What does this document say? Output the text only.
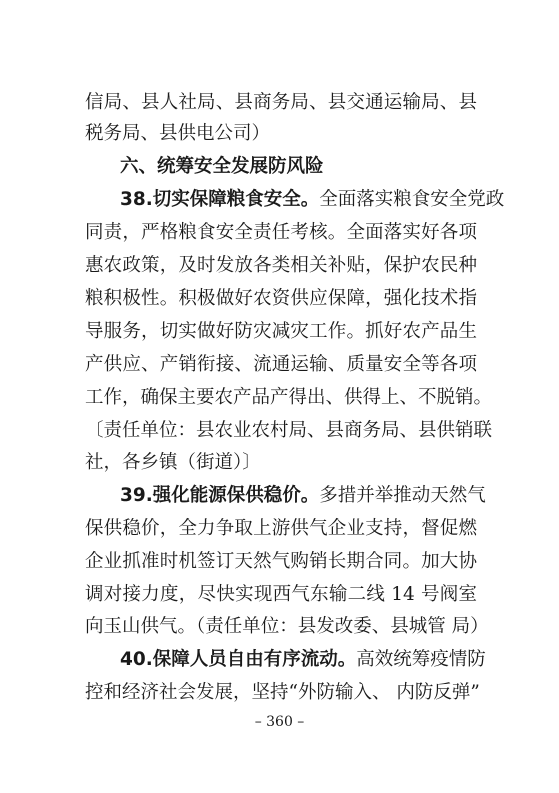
信局、县人社局、县商务局、县交通运输局、县
税务局、县供电公司）
六、统筹安全发展防风险
38.切实保障粮食安全。全面落实粮食安全党政
同责，严格粮食安全责任考核。全面落实好各项
惠农政策，及时发放各类相关补贴，保护农民种
粮积极性。积极做好农资供应保障，强化技术指
导服务，切实做好防灾减灾工作。抓好农产品生
产供应、产销衔接、流通运输、质量安全等各项
工作，确保主要农产品产得出、供得上、不脱销。
〔责任单位：县农业农村局、县商务局、县供销联
社，各乡镇（街道）〕
39.强化能源保供稳价。多措并举推动天然气
保供稳价，全力争取上游供气企业支持，督促燃
企业抓准时机签订天然气购销长期合同。加大协
调对接力度，尽快实现西气东输二线 14 号阀室
向玉山供气。（责任单位：县发改委、县城管 局）
40.保障人员自由有序流动。高效统筹疫情防
控和经济社会发展，坚持“外防输入、 内防反弹”
– 360 –
